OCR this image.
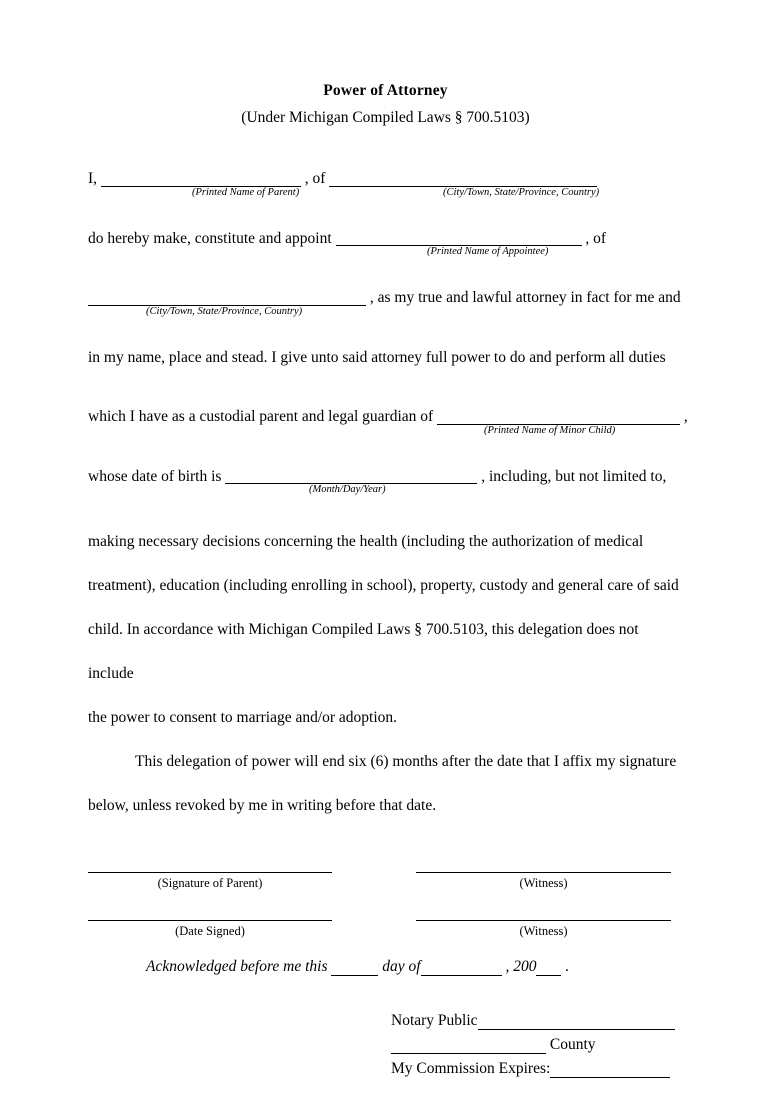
Power of Attorney
(Under Michigan Compiled Laws § 700.5103)
I,	, of
(Printed Name of Parent)	(City/Town, State/Province, Country)
do hereby make, constitute and appoint	, of
(Printed Name of Appointee)
, as my true and lawful attorney in fact for me and
(City/Town, State/Province, Country)
in my name, place and stead. I give unto said attorney full power to do and perform all duties
which I have as a custodial parent and legal guardian of	,
(Printed Name of Minor Child)
whose date of birth is	, including, but not limited to,
(Month/Day/Year)
making necessary decisions concerning the health (including the authorization of medical
treatment), education (including enrolling in school), property, custody and general care of said
child. In accordance with Michigan Compiled Laws § 700.5103, this delegation does not include
the power to consent to marriage and/or adoption.
This delegation of power will end six (6) months after the date that I affix my signature
below, unless revoked by me in writing before that date.
(Signature of Parent)	(Witness)
(Date Signed)	(Witness)
Acknowledged before me this	day of	, 200 .
Notary Public
County
My Commission Expires:
